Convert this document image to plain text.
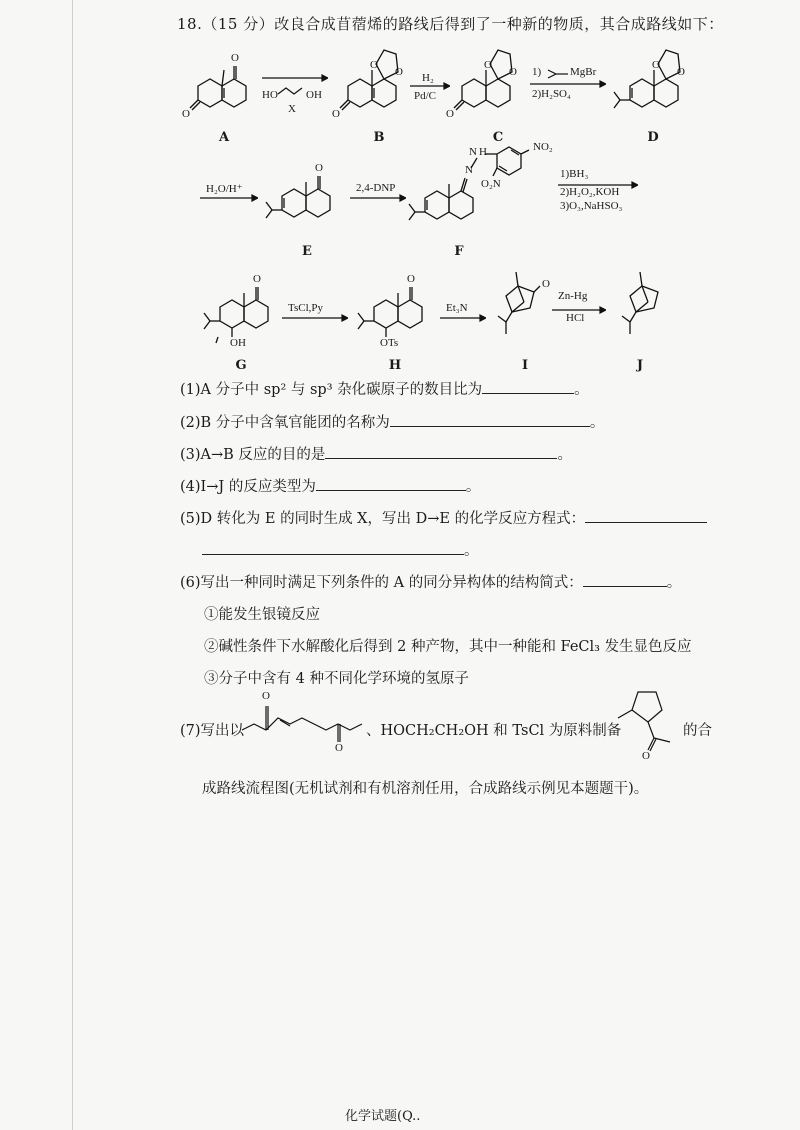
18.（15 分）改良合成苜蓿烯的路线后得到了一种新的物质，其合成路线如下：
O
O
A
HO	OH
X
O
O
O
B
H₂
Pd/C
O
O
O
C
1)	MgBr
2)H₂SO₄
O
O
D
H₂O/H⁺
O
E
2,4-DNP
N
N H	NO₂
O₂N
F
1)BH₃
2)H₂O₂,KOH
3)O₃,NaHSO₃
O
OH
G
TsCl,Py
O
OTs
H
Et₃N
O
I
Zn-Hg
HCl
J
(1)A 分子中 sp² 与 sp³ 杂化碳原子的数目比为	。
(2)B 分子中含氧官能团的名称为	。
(3)A→B 反应的目的是	。
(4)I→J 的反应类型为	。
(5)D 转化为 E 的同时生成 X，写出 D→E 的化学反应方程式：
。
(6)写出一种同时满足下列条件的 A 的同分异构体的结构简式：	。
①能发生银镜反应
②碱性条件下水解酸化后得到 2 种产物，其中一种能和 FeCl₃ 发生显色反应
③分子中含有 4 种不同化学环境的氢原子
(7)写出以
O
O
、HOCH₂CH₂OH 和 TsCl 为原料制备
O
的合
成路线流程图(无机试剂和有机溶剂任用，合成路线示例见本题题干)。
化学试题(Q..
